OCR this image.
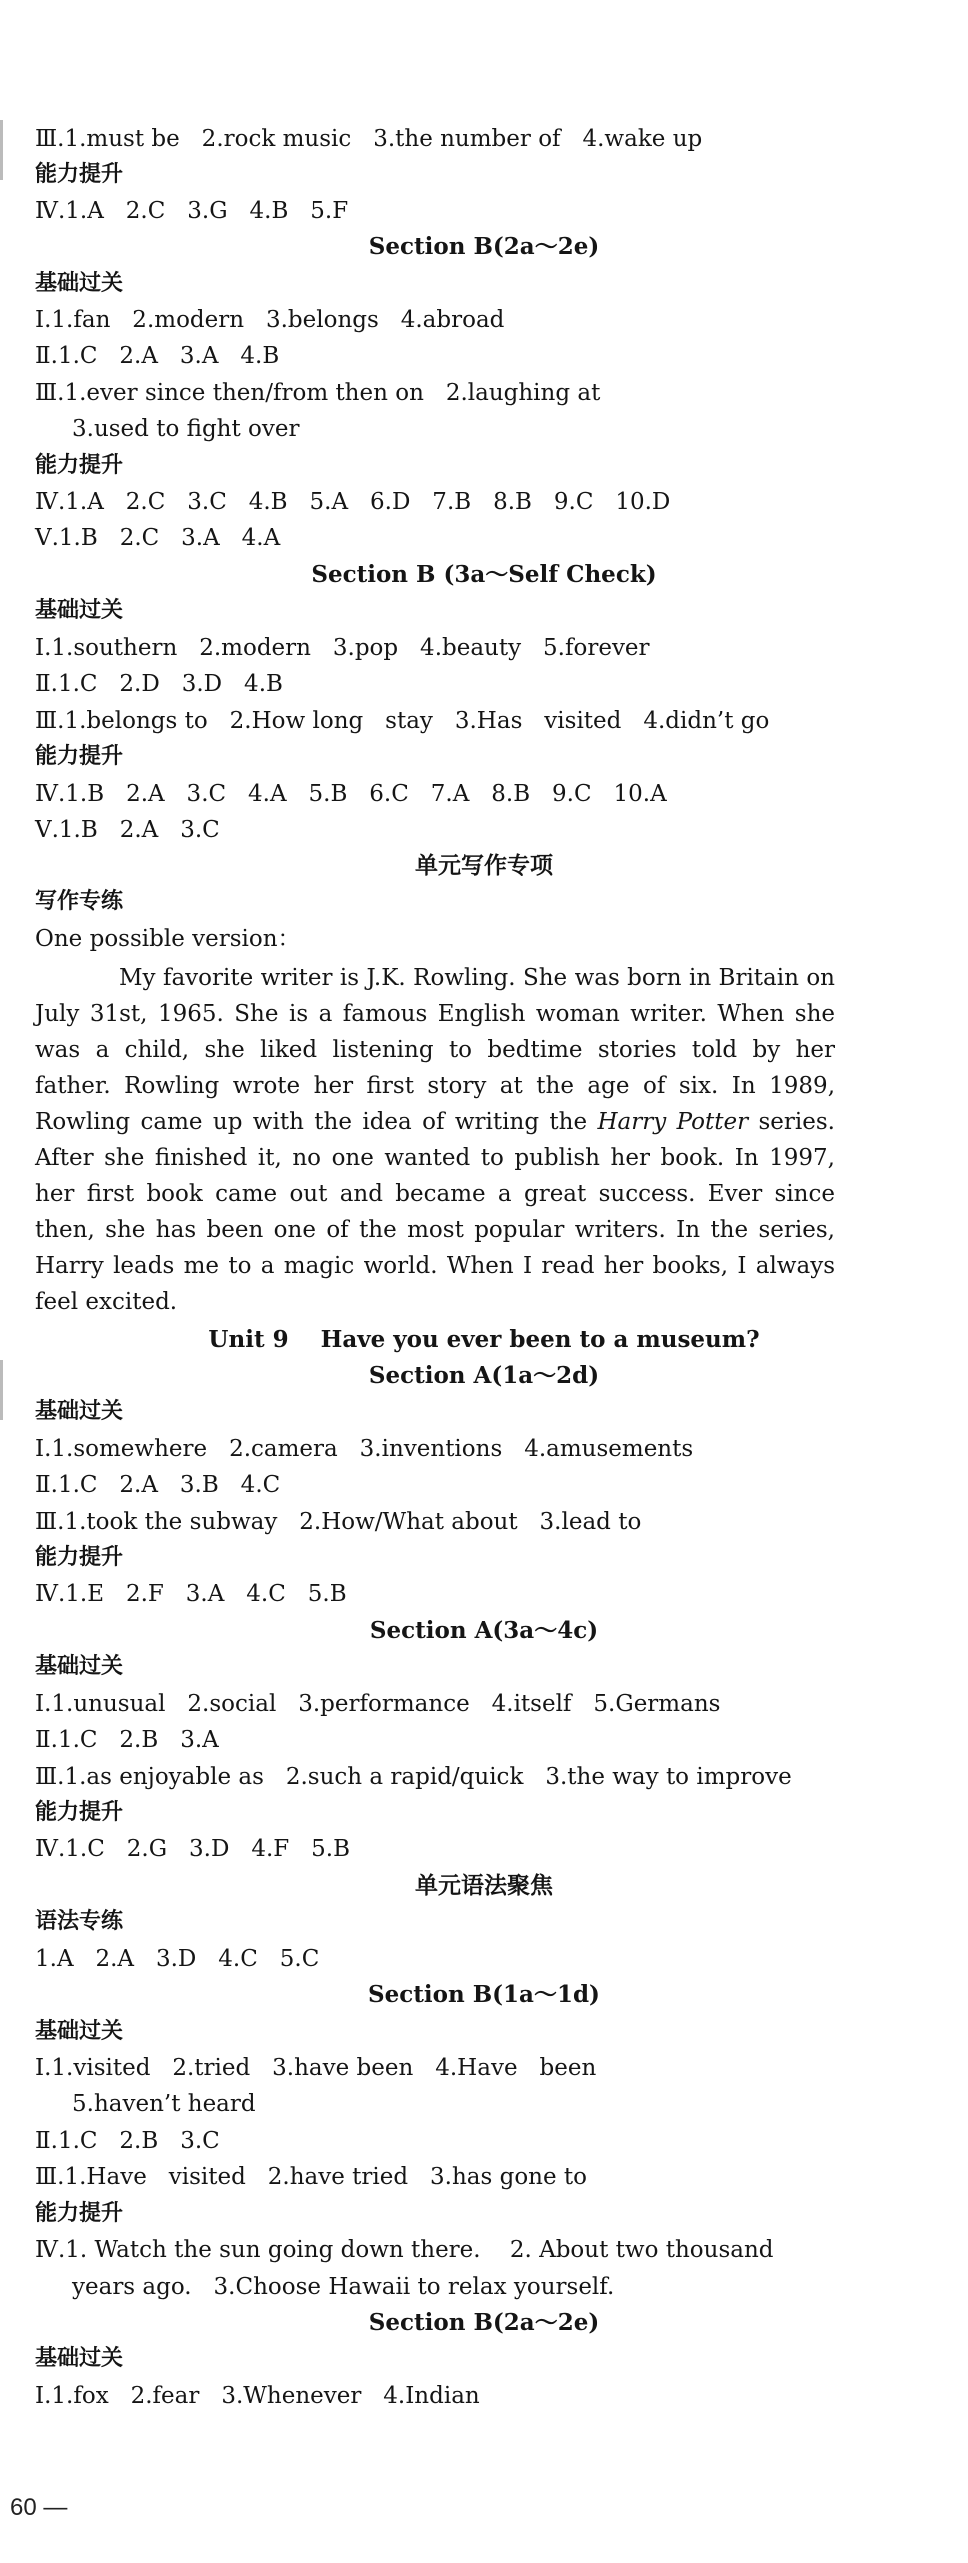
Ⅲ.1.must be   2.rock music   3.the number of   4.wake up
能力提升
Ⅳ.1.A   2.C   3.G   4.B   5.F
Section B(2a～2e)
基础过关
Ⅰ.1.fan   2.modern   3.belongs   4.abroad
Ⅱ.1.C   2.A   3.A   4.B
Ⅲ.1.ever since then/from then on   2.laughing at
3.used to fight over
能力提升
Ⅳ.1.A   2.C   3.C   4.B   5.A   6.D   7.B   8.B   9.C   10.D
Ⅴ.1.B   2.C   3.A   4.A
Section B (3a～Self Check)
基础过关
Ⅰ.1.southern   2.modern   3.pop   4.beauty   5.forever
Ⅱ.1.C   2.D   3.D   4.B
Ⅲ.1.belongs to   2.How long   stay   3.Has   visited   4.didn’t go
能力提升
Ⅳ.1.B   2.A   3.C   4.A   5.B   6.C   7.A   8.B   9.C   10.A
Ⅴ.1.B   2.A   3.C
单元写作专项
写作专练
One possible version：
My favorite writer is J.K. Rowling. She was born in Britain on
July 31st, 1965. She is a famous English woman writer. When she
was a child, she liked listening to bedtime stories told by her
father. Rowling wrote her first story at the age of six. In 1989,
Rowling came up with the idea of writing the Harry Potter series.
After she finished it, no one wanted to publish her book. In 1997,
her first book came out and became a great success. Ever since
then, she has been one of the most popular writers. In the series,
Harry leads me to a magic world. When I read her books, I always
feel excited.
Unit 9    Have you ever been to a museum?
Section A(1a～2d)
基础过关
Ⅰ.1.somewhere   2.camera   3.inventions   4.amusements
Ⅱ.1.C   2.A   3.B   4.C
Ⅲ.1.took the subway   2.How/What about   3.lead to
能力提升
Ⅳ.1.E   2.F   3.A   4.C   5.B
Section A(3a～4c)
基础过关
Ⅰ.1.unusual   2.social   3.performance   4.itself   5.Germans
Ⅱ.1.C   2.B   3.A
Ⅲ.1.as enjoyable as   2.such a rapid/quick   3.the way to improve
能力提升
Ⅳ.1.C   2.G   3.D   4.F   5.B
单元语法聚焦
语法专练
1.A   2.A   3.D   4.C   5.C
Section B(1a～1d)
基础过关
Ⅰ.1.visited   2.tried   3.have been   4.Have   been
5.haven’t heard
Ⅱ.1.C   2.B   3.C
Ⅲ.1.Have   visited   2.have tried   3.has gone to
能力提升
Ⅳ.1. Watch the sun going down there.    2. About two thousand
years ago.   3.Choose Hawaii to relax yourself.
Section B(2a～2e)
基础过关
Ⅰ.1.fox   2.fear   3.Whenever   4.Indian
60 —
